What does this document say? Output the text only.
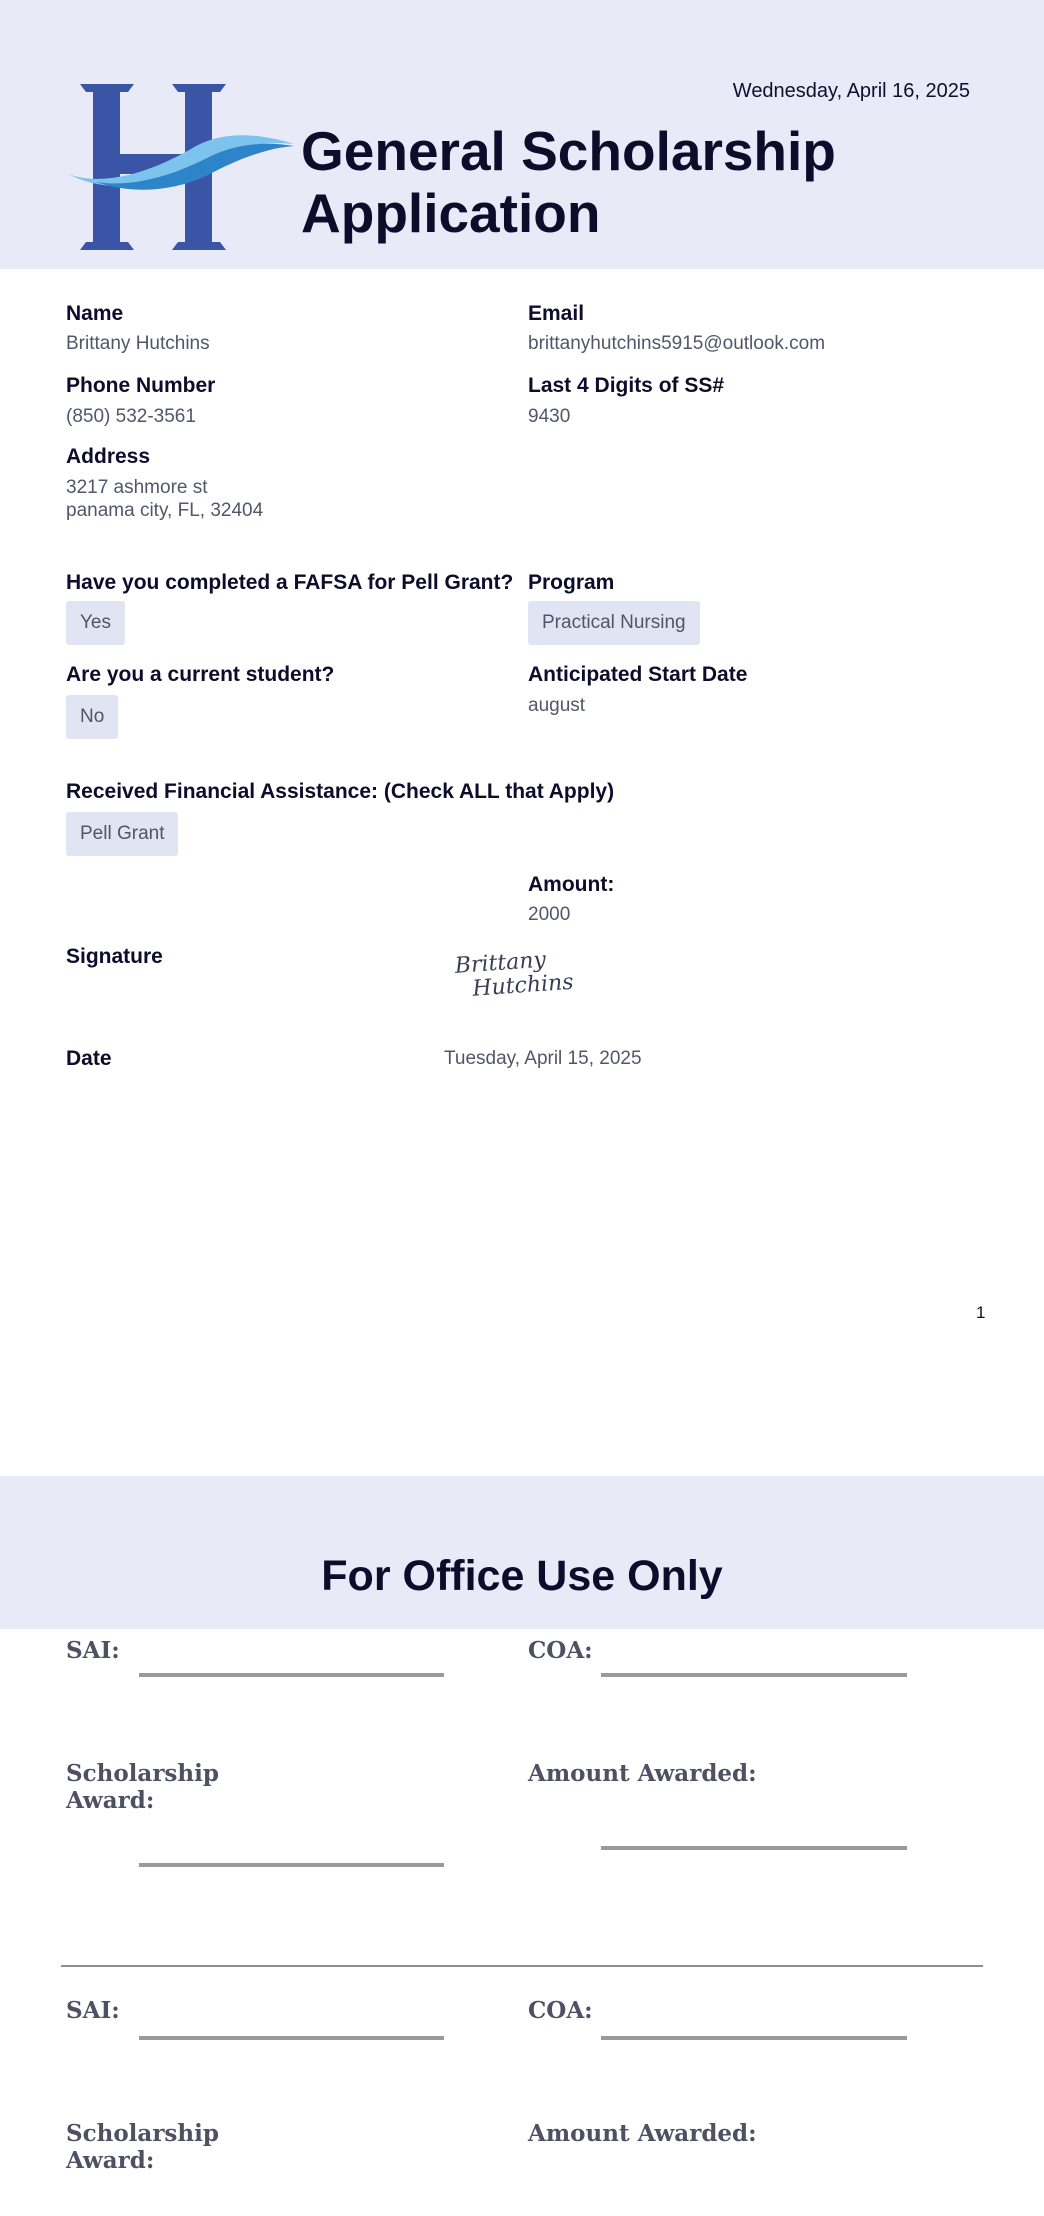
Wednesday, April 16, 2025
General Scholarship
Application
Name
Brittany Hutchins
Email
brittanyhutchins5915@outlook.com
Phone Number
(850) 532-3561
Last 4 Digits of SS#
9430
Address
3217 ashmore st
panama city, FL, 32404
Have you completed a FAFSA for Pell Grant?
Yes
Program
Practical Nursing
Are you a current student?
No
Anticipated Start Date
august
Received Financial Assistance: (Check ALL that Apply)
Pell Grant
Amount:
2000
Signature	Brittany
Hutchins
Date	Tuesday, April 15, 2025
1
For Office Use Only
SAI:	COA:
Scholarship
Award:
Amount Awarded:
SAI:	COA:
Scholarship
Award:
Amount Awarded:
